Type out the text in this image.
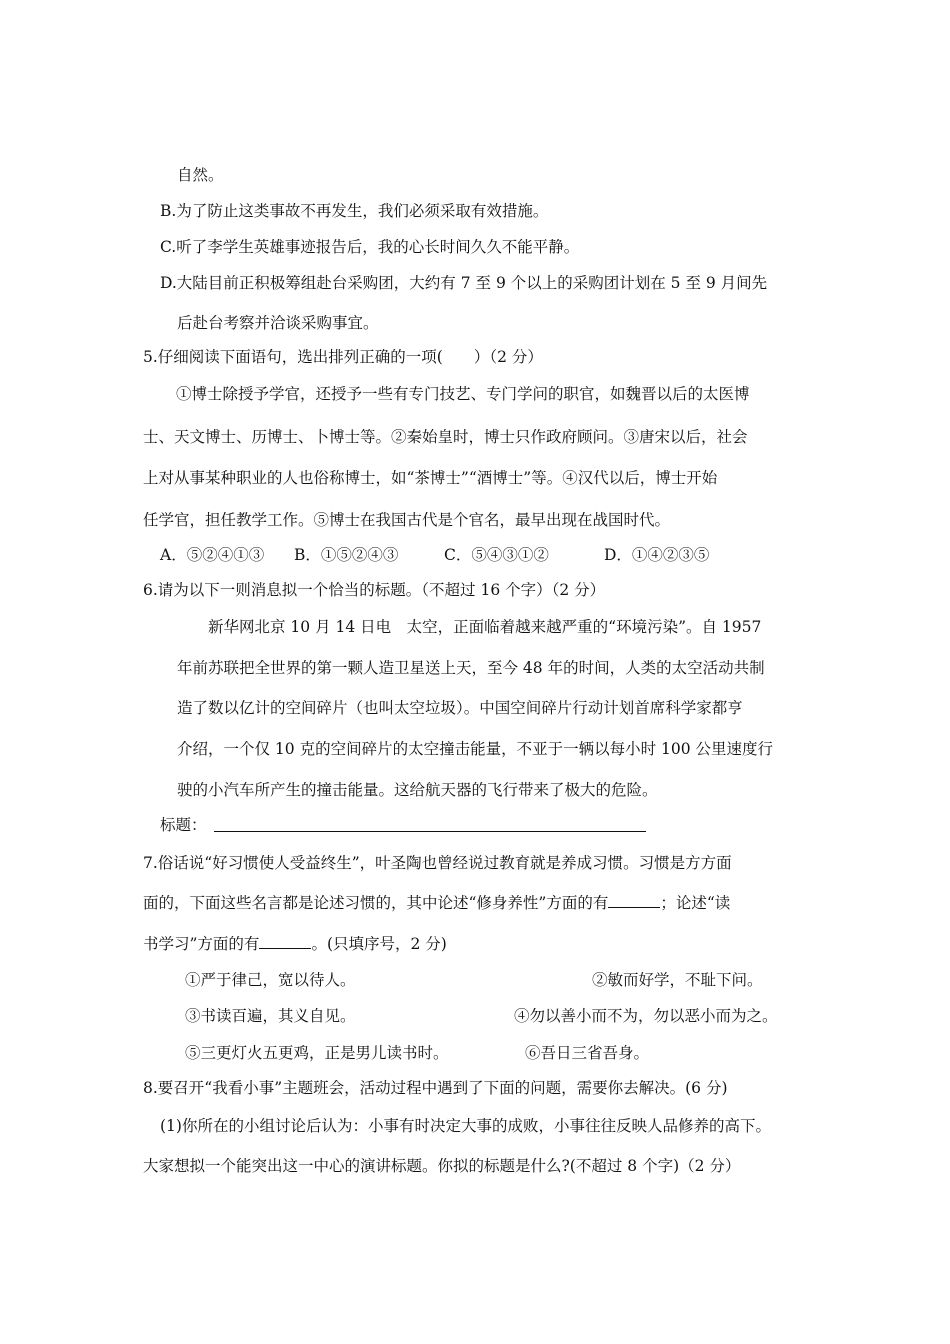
自然。
B.为了防止这类事故不再发生，我们必须采取有效措施。
C.听了李学生英雄事迹报告后，我的心长时间久久不能平静。
D.大陆目前正积极筹组赴台采购团，大约有 7 至 9 个以上的采购团计划在 5 至 9 月间先
后赴台考察并洽谈采购事宜。
5.仔细阅读下面语句，选出排列正确的一项(　　）（2 分）
①博士除授予学官，还授予一些有专门技艺、专门学问的职官，如魏晋以后的太医博
士、天文博士、历博士、卜博士等。②秦始皇时，博士只作政府顾问。③唐宋以后，社会
上对从事某种职业的人也俗称博士，如“茶博士”“酒博士”等。④汉代以后，博士开始
任学官，担任教学工作。⑤博士在我国古代是个官名，最早出现在战国时代。
A．⑤②④①③ B．①⑤②④③	C．⑤④③①②	D．①④②③⑤
6.请为以下一则消息拟一个恰当的标题。（不超过 16 个字）（2 分）
新华网北京 10 月 14 日电　太空，正面临着越来越严重的“环境污染”。自 1957
年前苏联把全世界的第一颗人造卫星送上天，至今 48 年的时间，人类的太空活动共制
造了数以亿计的空间碎片（也叫太空垃圾）。中国空间碎片行动计划首席科学家都亨
介绍，一个仅 10 克的空间碎片的太空撞击能量，不亚于一辆以每小时 100 公里速度行
驶的小汽车所产生的撞击能量。这给航天器的飞行带来了极大的危险。
标题：
7.俗话说“好习惯使人受益终生”，叶圣陶也曾经说过教育就是养成习惯。习惯是方方面
面的，下面这些名言都是论述习惯的，其中论述“修身养性”方面的有	；论述“读
书学习”方面的有	。(只填序号，2 分)
①严于律己，宽以待人。	②敏而好学，不耻下问。
③书读百遍，其义自见。	④勿以善小而不为，勿以恶小而为之。
⑤三更灯火五更鸡，正是男儿读书时。	⑥吾日三省吾身。
8.要召开“我看小事”主题班会，活动过程中遇到了下面的问题，需要你去解决。(6 分)
(1)你所在的小组讨论后认为：小事有时决定大事的成败，小事往往反映人品修养的高下。
大家想拟一个能突出这一中心的演讲标题。你拟的标题是什么?(不超过 8 个字)（2 分）
